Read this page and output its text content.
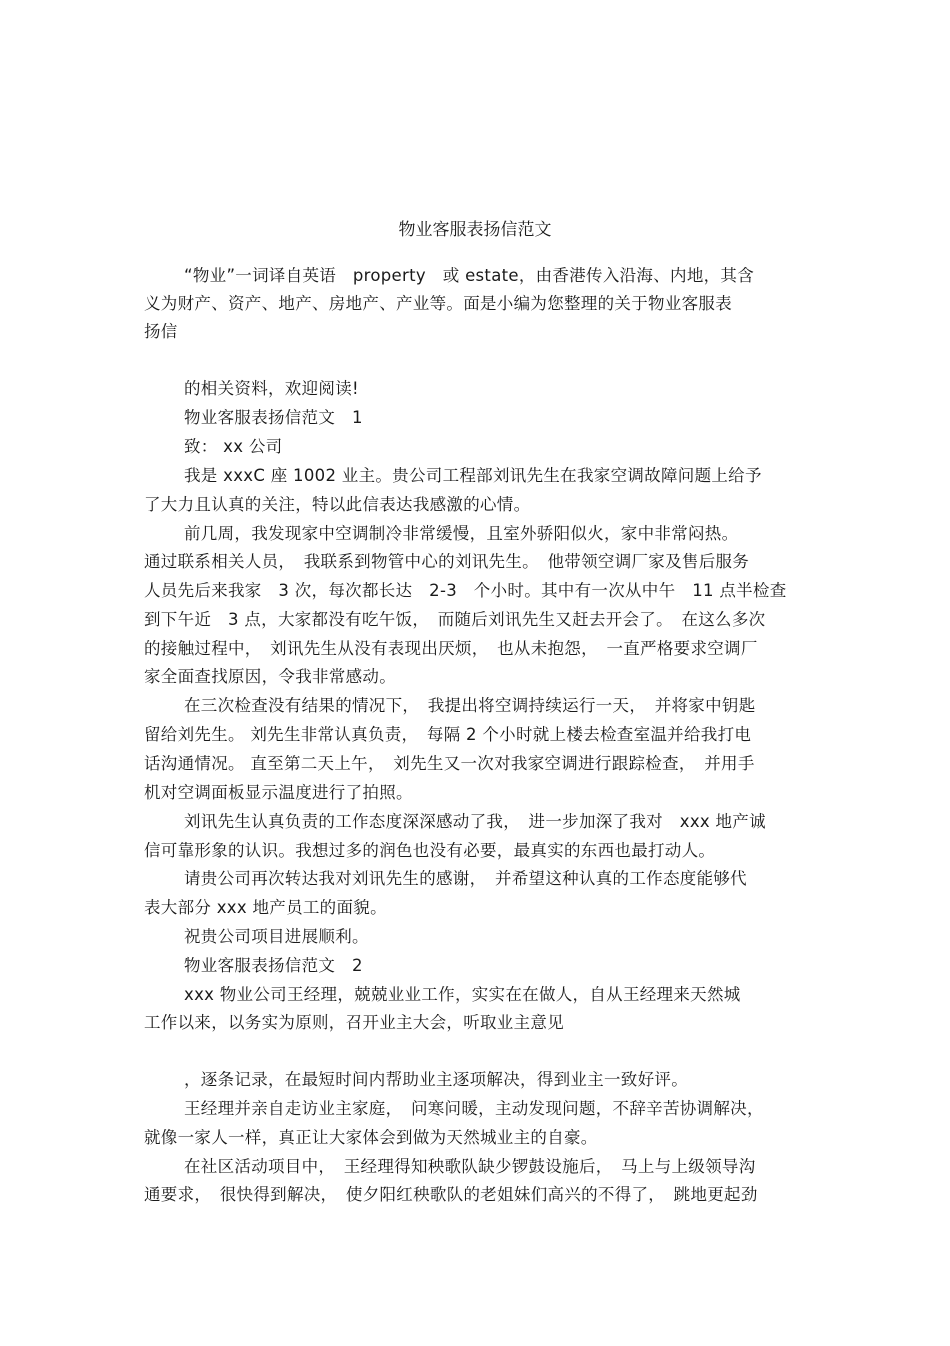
物业客服表扬信范文
“物业”一词译自英语　property　或 estate，由香港传入沿海、内地，其含
义为财产、资产、地产、房地产、产业等。面是小编为您整理的关于物业客服表
扬信
的相关资料，欢迎阅读!
物业客服表扬信范文　1
致： xx 公司
我是 xxxC 座 1002 业主。贵公司工程部刘讯先生在我家空调故障问题上给予
了大力且认真的关注，特以此信表达我感激的心情。
前几周，我发现家中空调制冷非常缓慢，且室外骄阳似火，家中非常闷热。
通过联系相关人员，　我联系到物管中心的刘讯先生。　他带领空调厂家及售后服务
人员先后来我家　3 次，每次都长达　2-3　个小时。其中有一次从中午　11 点半检查
到下午近　3 点，大家都没有吃午饭，　而随后刘讯先生又赶去开会了。　在这么多次
的接触过程中，　刘讯先生从没有表现出厌烦，　也从未抱怨，　一直严格要求空调厂
家全面查找原因，令我非常感动。
在三次检查没有结果的情况下，　我提出将空调持续运行一天，　并将家中钥匙
留给刘先生。 刘先生非常认真负责，　每隔 2 个小时就上楼去检查室温并给我打电
话沟通情况。 直至第二天上午，　刘先生又一次对我家空调进行跟踪检查，　并用手
机对空调面板显示温度进行了拍照。
刘讯先生认真负责的工作态度深深感动了我，　进一步加深了我对　xxx 地产诚
信可靠形象的认识。我想过多的润色也没有必要，最真实的东西也最打动人。
请贵公司再次转达我对刘讯先生的感谢，　并希望这种认真的工作态度能够代
表大部分 xxx 地产员工的面貌。
祝贵公司项目进展顺利。
物业客服表扬信范文　2
xxx 物业公司王经理，兢兢业业工作，实实在在做人，自从王经理来天然城
工作以来，以务实为原则，召开业主大会，听取业主意见
，逐条记录，在最短时间内帮助业主逐项解决，得到业主一致好评。
王经理并亲自走访业主家庭，　问寒问暖，主动发现问题，不辞辛苦协调解决，
就像一家人一样，真正让大家体会到做为天然城业主的自豪。
在社区活动项目中，　王经理得知秧歌队缺少锣鼓设施后，　马上与上级领导沟
通要求，　很快得到解决，　使夕阳红秧歌队的老姐妹们高兴的不得了，　跳地更起劲
